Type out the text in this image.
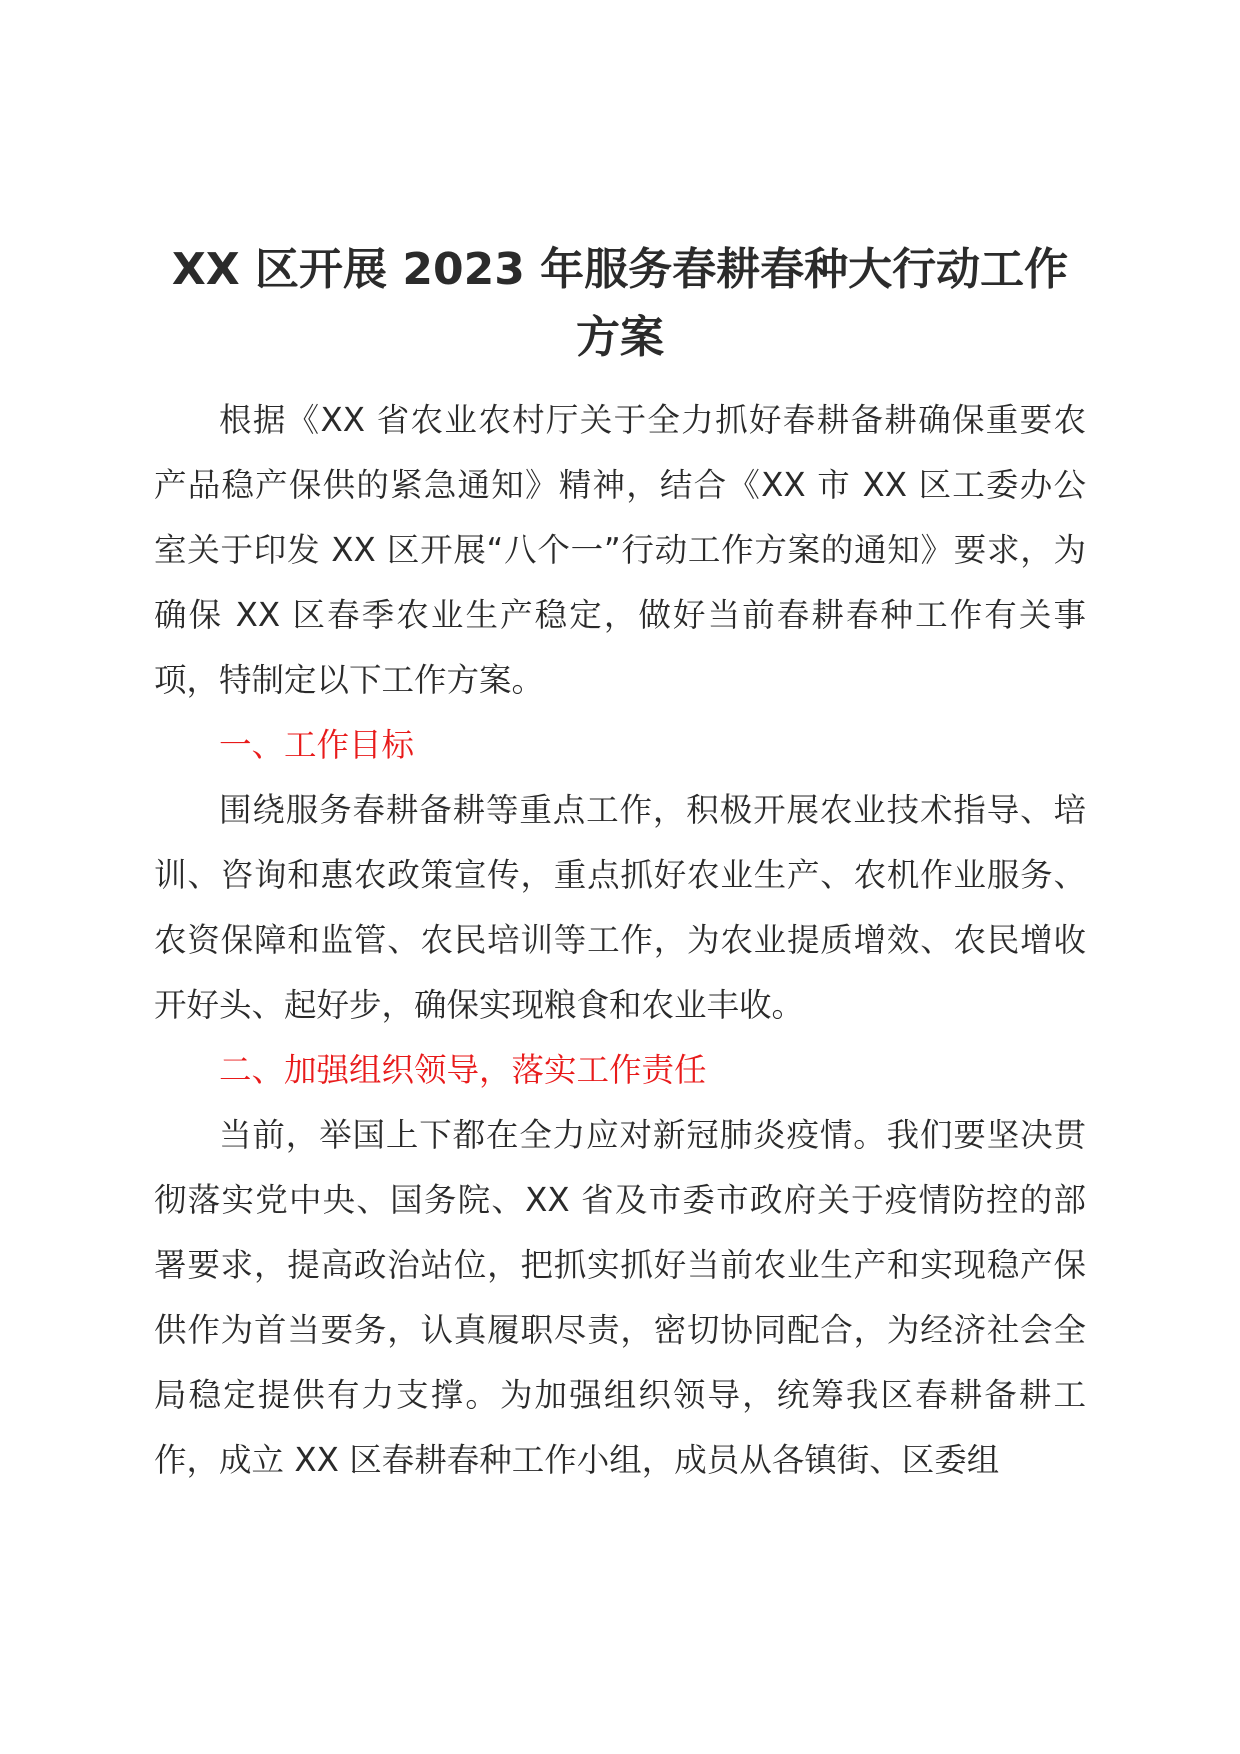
XX 区开展 2023 年服务春耕春种大行动工作
方案

根据《XX 省农业农村厅关于全力抓好春耕备耕确保重要农产品稳产保供的紧急通知》精神，结合《XX 市 XX 区工委办公室关于印发 XX 区开展“八个一”行动工作方案的通知》要求，为确保 XX 区春季农业生产稳定，做好当前春耕春种工作有关事项，特制定以下工作方案。

一、工作目标

围绕服务春耕备耕等重点工作，积极开展农业技术指导、培训、咨询和惠农政策宣传，重点抓好农业生产、农机作业服务、农资保障和监管、农民培训等工作，为农业提质增效、农民增收开好头、起好步，确保实现粮食和农业丰收。

二、加强组织领导，落实工作责任

当前，举国上下都在全力应对新冠肺炎疫情。我们要坚决贯彻落实党中央、国务院、XX 省及市委市政府关于疫情防控的部署要求，提高政治站位，把抓实抓好当前农业生产和实现稳产保供作为首当要务，认真履职尽责，密切协同配合，为经济社会全局稳定提供有力支撑。为加强组织领导，统筹我区春耕备耕工作，成立 XX 区春耕春种工作小组，成员从各镇街、区委组
